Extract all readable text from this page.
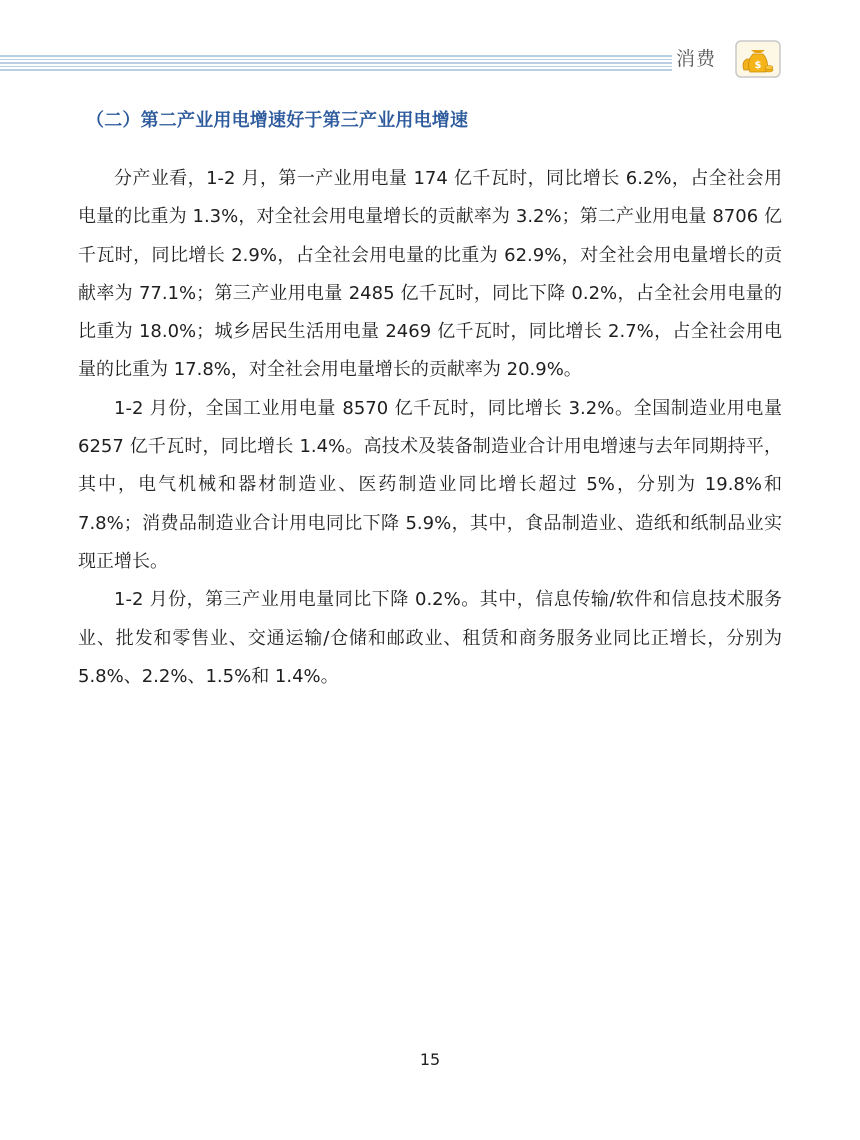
消费	$
（二）第二产业用电增速好于第三产业用电增速

分产业看，1-2 月，第一产业用电量 174 亿千瓦时，同比增长 6.2%，占全社会用电量的比重为 1.3%，对全社会用电量增长的贡献率为 3.2%；第二产业用电量 8706 亿千瓦时，同比增长 2.9%，占全社会用电量的比重为 62.9%，对全社会用电量增长的贡献率为 77.1%；第三产业用电量 2485 亿千瓦时，同比下降 0.2%，占全社会用电量的比重为 18.0%；城乡居民生活用电量 2469 亿千瓦时，同比增长 2.7%，占全社会用电量的比重为 17.8%，对全社会用电量增长的贡献率为 20.9%。

1-2 月份，全国工业用电量 8570 亿千瓦时，同比增长 3.2%。全国制造业用电量 6257 亿千瓦时，同比增长 1.4%。高技术及装备制造业合计用电增速与去年同期持平，其中，电气机械和器材制造业、医药制造业同比增长超过 5%，分别为 19.8%和 7.8%；消费品制造业合计用电同比下降 5.9%，其中，食品制造业、造纸和纸制品业实现正增长。

1-2 月份，第三产业用电量同比下降 0.2%。其中，信息传输/软件和信息技术服务业、批发和零售业、交通运输/仓储和邮政业、租赁和商务服务业同比正增长，分别为 5.8%、2.2%、1.5%和 1.4%。

15
